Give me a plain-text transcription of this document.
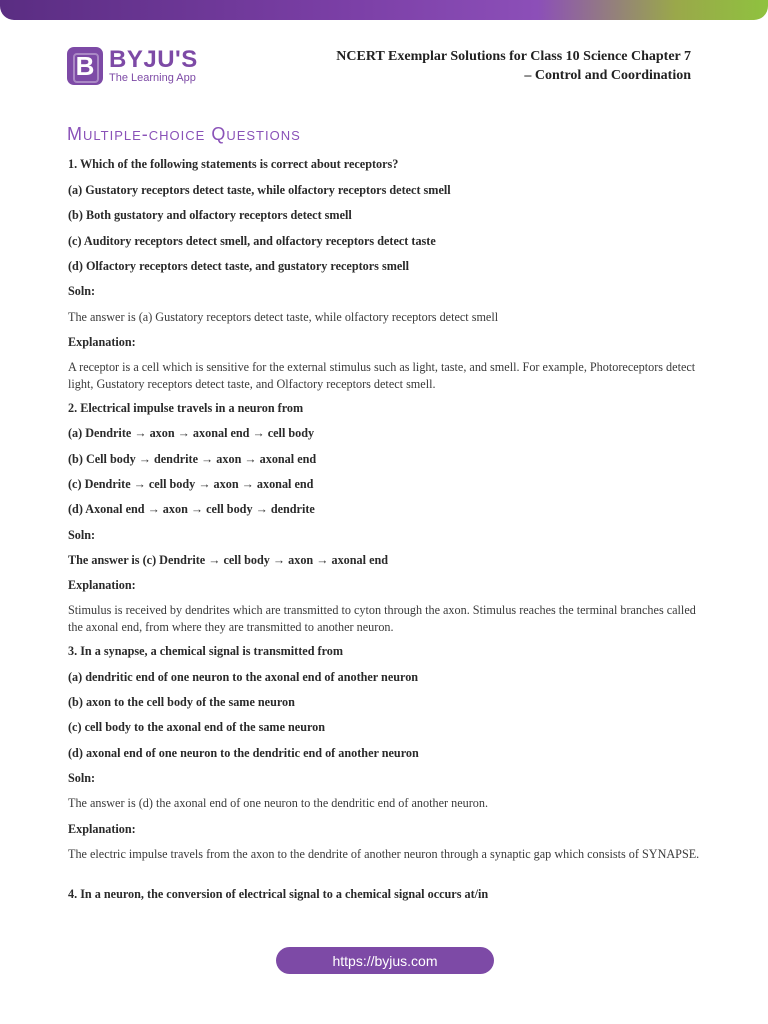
B BYJU'S
The Learning App
NCERT Exemplar Solutions for Class 10 Science Chapter 7
– Control and Coordination
Multiple-choice Questions
1. Which of the following statements is correct about receptors?
(a) Gustatory receptors detect taste, while olfactory receptors detect smell
(b) Both gustatory and olfactory receptors detect smell
(c) Auditory receptors detect smell, and olfactory receptors detect taste
(d) Olfactory receptors detect taste, and gustatory receptors smell
Soln:
The answer is (a) Gustatory receptors detect taste, while olfactory receptors detect smell
Explanation:
A receptor is a cell which is sensitive for the external stimulus such as light, taste, and smell. For example, Photoreceptors detect light, Gustatory receptors detect taste, and Olfactory receptors detect smell.
2. Electrical impulse travels in a neuron from
(a) Dendrite → axon → axonal end → cell body
(b) Cell body → dendrite → axon → axonal end
(c) Dendrite → cell body → axon → axonal end
(d) Axonal end → axon → cell body → dendrite
Soln:
The answer is (c) Dendrite → cell body → axon → axonal end
Explanation:
Stimulus is received by dendrites which are transmitted to cyton through the axon. Stimulus reaches the terminal branches called the axonal end, from where they are transmitted to another neuron.
3. In a synapse, a chemical signal is transmitted from
(a) dendritic end of one neuron to the axonal end of another neuron
(b) axon to the cell body of the same neuron
(c) cell body to the axonal end of the same neuron
(d) axonal end of one neuron to the dendritic end of another neuron
Soln:
The answer is (d) the axonal end of one neuron to the dendritic end of another neuron.
Explanation:
The electric impulse travels from the axon to the dendrite of another neuron through a synaptic gap which consists of SYNAPSE.
4. In a neuron, the conversion of electrical signal to a chemical signal occurs at/in
https://byjus.com
